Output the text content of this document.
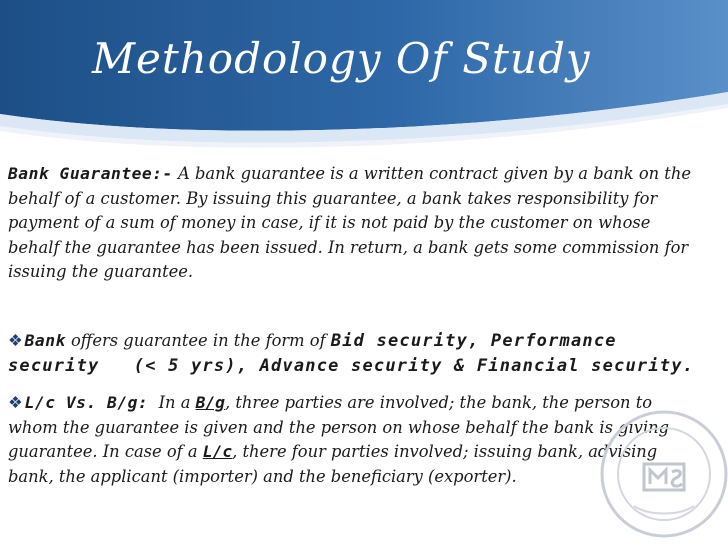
Methodology Of Study

Bank Guarantee:- A bank guarantee is a written contract given by a bank on the behalf of a customer. By issuing this guarantee, a bank takes responsibility for payment of a sum of money in case, if it is not paid by the customer on whose behalf the guarantee has been issued. In return, a bank gets some commission for issuing the guarantee.

❖ Bank offers guarantee in the form of Bid security, Performance
security   (< 5 yrs), Advance security & Financial security.

❖ L/c Vs. B/g:  In a B/g, three parties are involved; the bank, the person to whom the guarantee is given and the person on whose behalf the bank is giving guarantee. In case of a L/c, there four parties involved; issuing bank, advising bank, the applicant (importer) and the beneficiary (exporter).
